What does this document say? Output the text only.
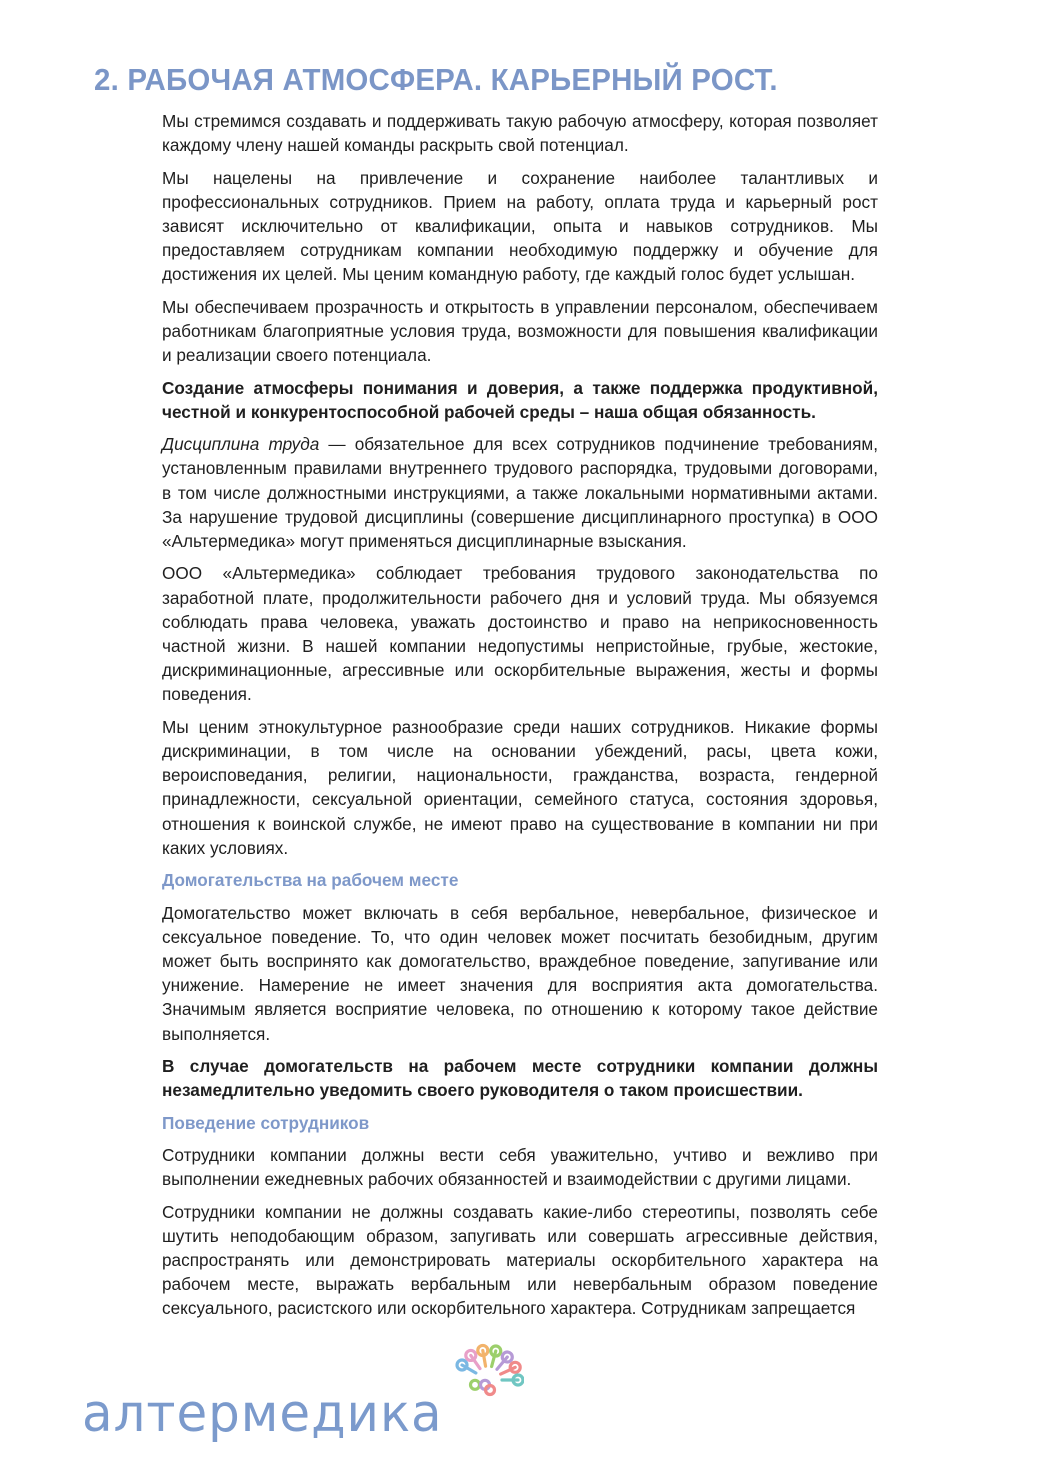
2. РАБОЧАЯ АТМОСФЕРА. КАРЬЕРНЫЙ РОСТ.

Мы стремимся создавать и поддерживать такую рабочую атмосферу, которая позволяет каждому члену нашей команды раскрыть свой потенциал.

Мы нацелены на привлечение и сохранение наиболее талантливых и профессиональных сотрудников. Прием на работу, оплата труда и карьерный рост зависят исключительно от квалификации, опыта и навыков сотрудников. Мы предоставляем сотрудникам компании необходимую поддержку и обучение для достижения их целей. Мы ценим командную работу, где каждый голос будет услышан.

Мы обеспечиваем прозрачность и открытость в управлении персоналом, обеспечиваем работникам благоприятные условия труда, возможности для повышения квалификации и реализации своего потенциала.

Создание атмосферы понимания и доверия, а также поддержка продуктивной, честной и конкурентоспособной рабочей среды – наша общая обязанность.

Дисциплина труда — обязательное для всех сотрудников подчинение требованиям, установленным правилами внутреннего трудового распорядка, трудовыми договорами, в том числе должностными инструкциями, а также локальными нормативными актами. За нарушение трудовой дисциплины (совершение дисциплинарного проступка) в ООО «Альтермедика» могут применяться дисциплинарные взыскания.

ООО «Альтермедика» соблюдает требования трудового законодательства по заработной плате, продолжительности рабочего дня и условий труда. Мы обязуемся соблюдать права человека, уважать достоинство и право на неприкосновенность частной жизни. В нашей компании недопустимы непристойные, грубые, жестокие, дискриминационные, агрессивные или оскорбительные выражения, жесты и формы поведения.

Мы ценим этнокультурное разнообразие среди наших сотрудников. Никакие формы дискриминации, в том числе на основании убеждений, расы, цвета кожи, вероисповедания, религии, национальности, гражданства, возраста, гендерной принадлежности, сексуальной ориентации, семейного статуса, состояния здоровья, отношения к воинской службе, не имеют право на существование в компании ни при каких условиях.

Домогательства на рабочем месте

Домогательство может включать в себя вербальное, невербальное, физическое и сексуальное поведение. То, что один человек может посчитать безобидным, другим может быть воспринято как домогательство, враждебное поведение, запугивание или унижение. Намерение не имеет значения для восприятия акта домогательства. Значимым является восприятие человека, по отношению к которому такое действие выполняется.

В случае домогательств на рабочем месте сотрудники компании должны незамедлительно уведомить своего руководителя о таком происшествии.

Поведение сотрудников

Сотрудники компании должны вести себя уважительно, учтиво и вежливо при выполнении ежедневных рабочих обязанностей и взаимодействии с другими лицами.

Сотрудники компании не должны создавать какие-либо стереотипы, позволять себе шутить неподобающим образом, запугивать или совершать агрессивные действия, распространять или демонстрировать материалы оскорбительного характера на рабочем месте, выражать вербальным или невербальным образом поведение сексуального, расистского или оскорбительного характера. Сотрудникам запрещается

алтермедика
